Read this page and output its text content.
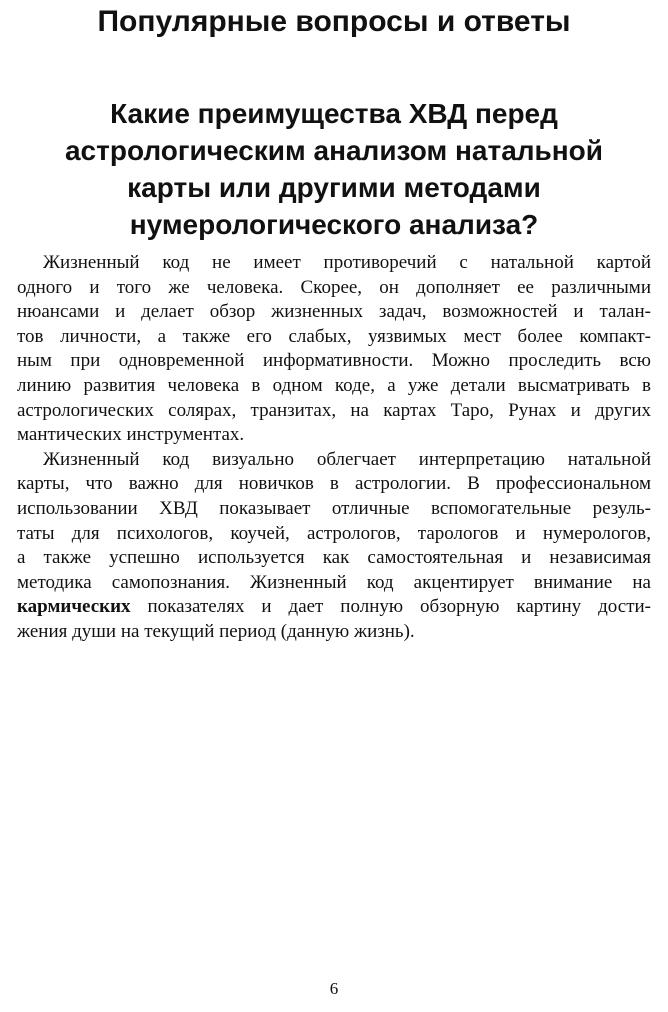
Популярные вопросы и ответы
Какие преимущества ХВД перед
астрологическим анализом натальной
карты или другими методами
нумерологического анализа?
Жизненный код не имеет противоречий с натальной картой
одного и того же человека. Скорее, он дополняет ее различными
нюансами и делает обзор жизненных задач, возможностей и талан-
тов личности, а также его слабых, уязвимых мест более компакт-
ным при одновременной информативности. Можно проследить всю
линию развития человека в одном коде, а уже детали высматривать в
астрологических солярах, транзитах, на картах Таро, Рунах и других
мантических инструментах.
Жизненный код визуально облегчает интерпретацию натальной
карты, что важно для новичков в астрологии. В профессиональном
использовании ХВД показывает отличные вспомогательные резуль-
таты для психологов, коучей, астрологов, тарологов и нумерологов,
а также успешно используется как самостоятельная и независимая
методика самопознания. Жизненный код акцентирует внимание на
кармических показателях и дает полную обзорную картину дости-
жения души на текущий период (данную жизнь).
6
